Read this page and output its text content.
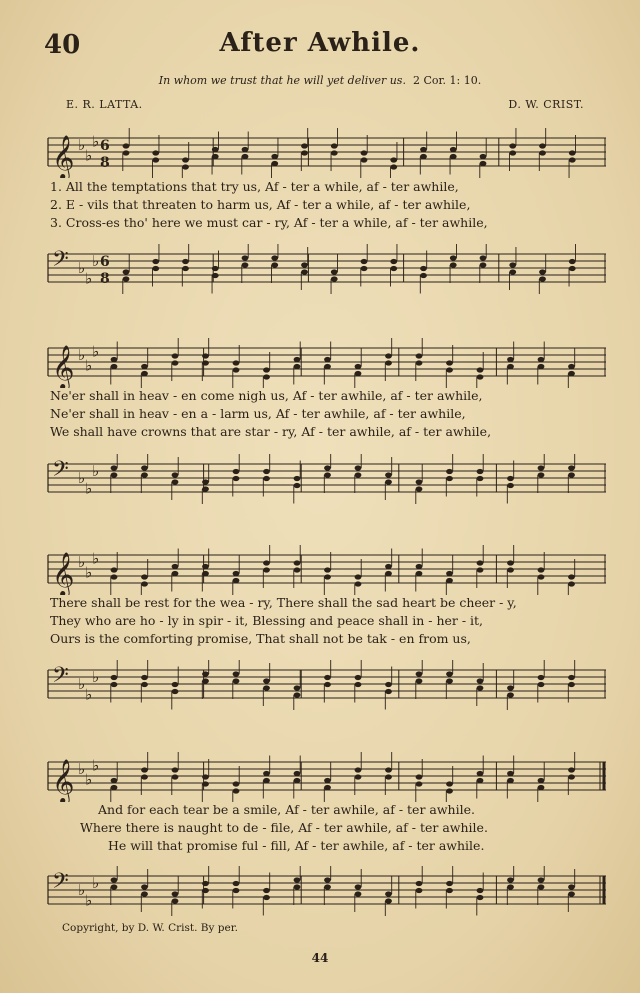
40	After Awhile.
In whom we trust that he will yet deliver us. 2 Cor. 1: 10.
E. R. LATTA.	D. W. CRIST.
𝄞 ♭
♭
♭ 6
8
1. All the temptations that try us, Af - ter a while, af - ter awhile,
2. E - vils that threaten to harm us, Af - ter a while, af - ter awhile,
3. Cross-es tho' here we must car - ry, Af - ter a while, af - ter awhile,
𝄢 ♭
♭
♭ 6
8
𝄞 ♭
♭
♭
Ne'er shall in heav - en come nigh us, Af - ter awhile, af - ter awhile,
Ne'er shall in heav - en a - larm us, Af - ter awhile, af - ter awhile,
We shall have crowns that are star - ry, Af - ter awhile, af - ter awhile,
𝄢 ♭
♭
♭
𝄞 ♭
♭
♭
There shall be rest for the wea - ry, There shall the sad heart be cheer - y,
They who are ho - ly in spir - it, Blessing and peace shall in - her - it,
Ours is the comforting promise, That shall not be tak - en from us,
𝄢 ♭
♭
♭
𝄞 ♭
♭
♭
And for each tear be a smile, Af - ter awhile, af - ter awhile.
Where there is naught to de - file, Af - ter awhile, af - ter awhile.
He will that promise ful - fill, Af - ter awhile, af - ter awhile.
𝄢 ♭
♭
♭
Copyright, by D. W. Crist. By per.
44
